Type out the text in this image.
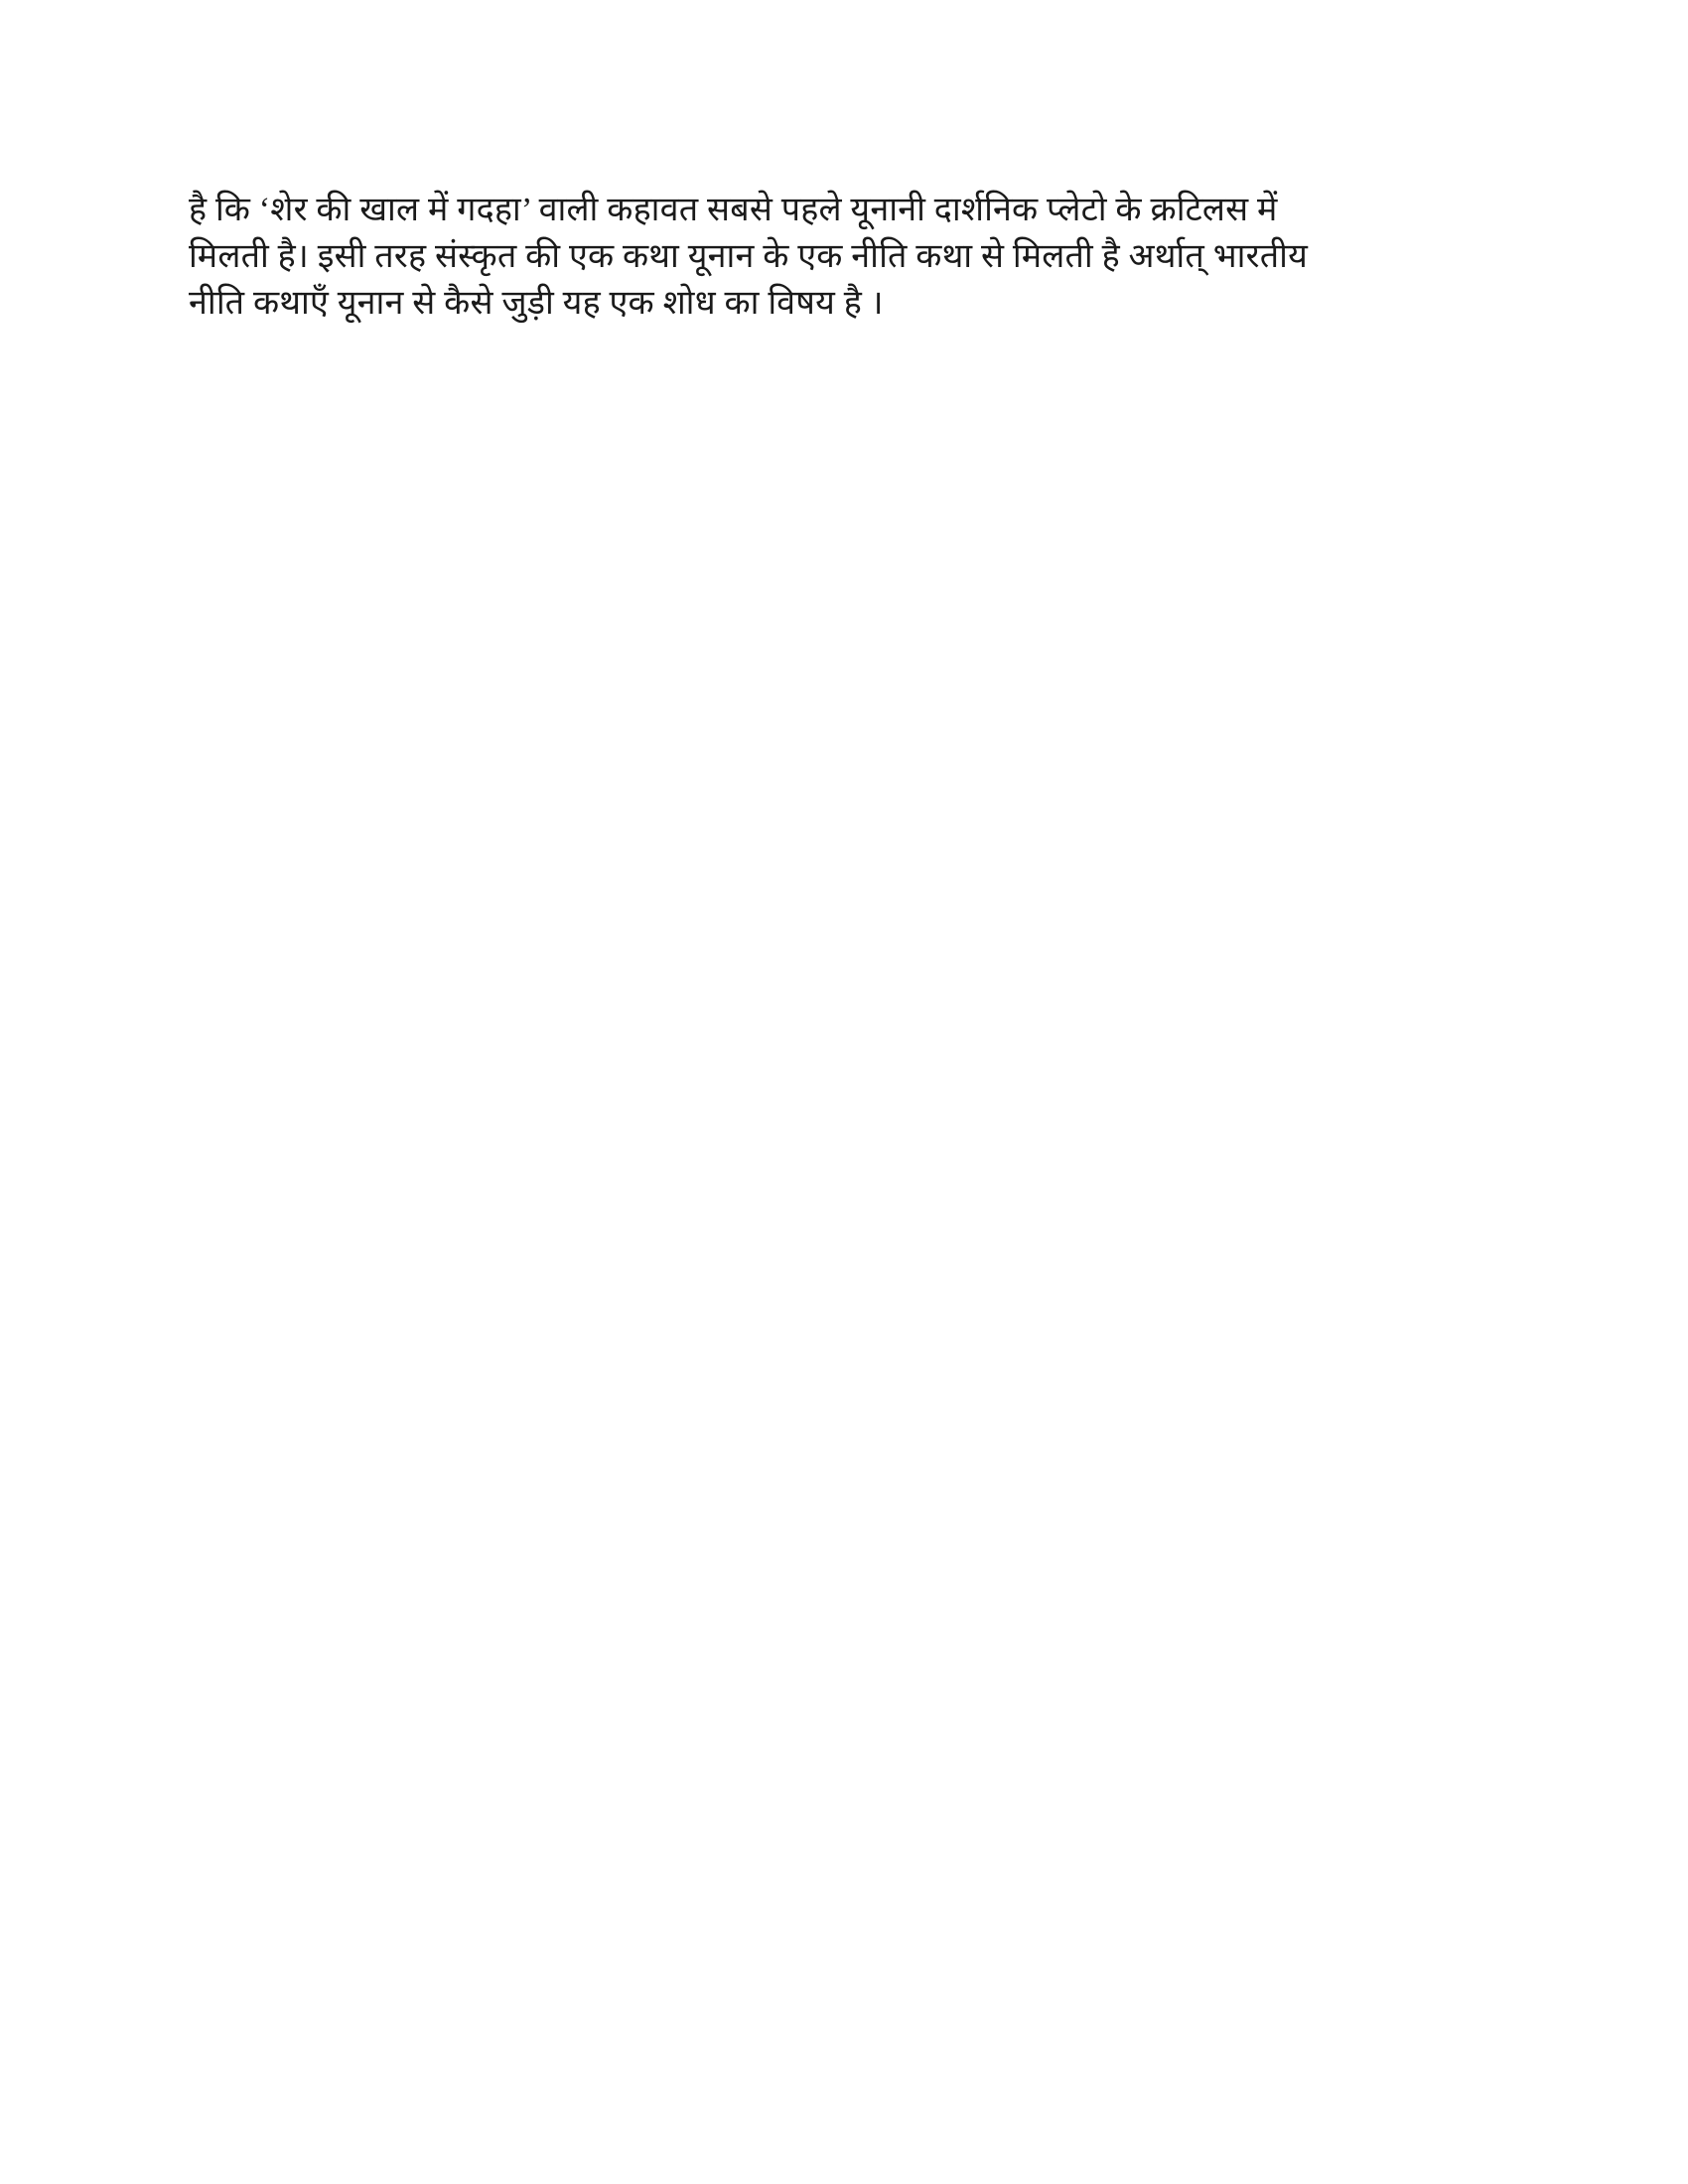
है कि ‘शेर की खाल में गदहा’ वाली कहावत सबसे पहले यूनानी दार्शनिक प्लेटो के क्रटिलस में
मिलती है। इसी तरह संस्कृत की एक कथा यूनान के एक नीति कथा से मिलती है अर्थात् भारतीय
नीति कथाएँ यूनान से कैसे जुड़ी यह एक शोध का विषय है ।
